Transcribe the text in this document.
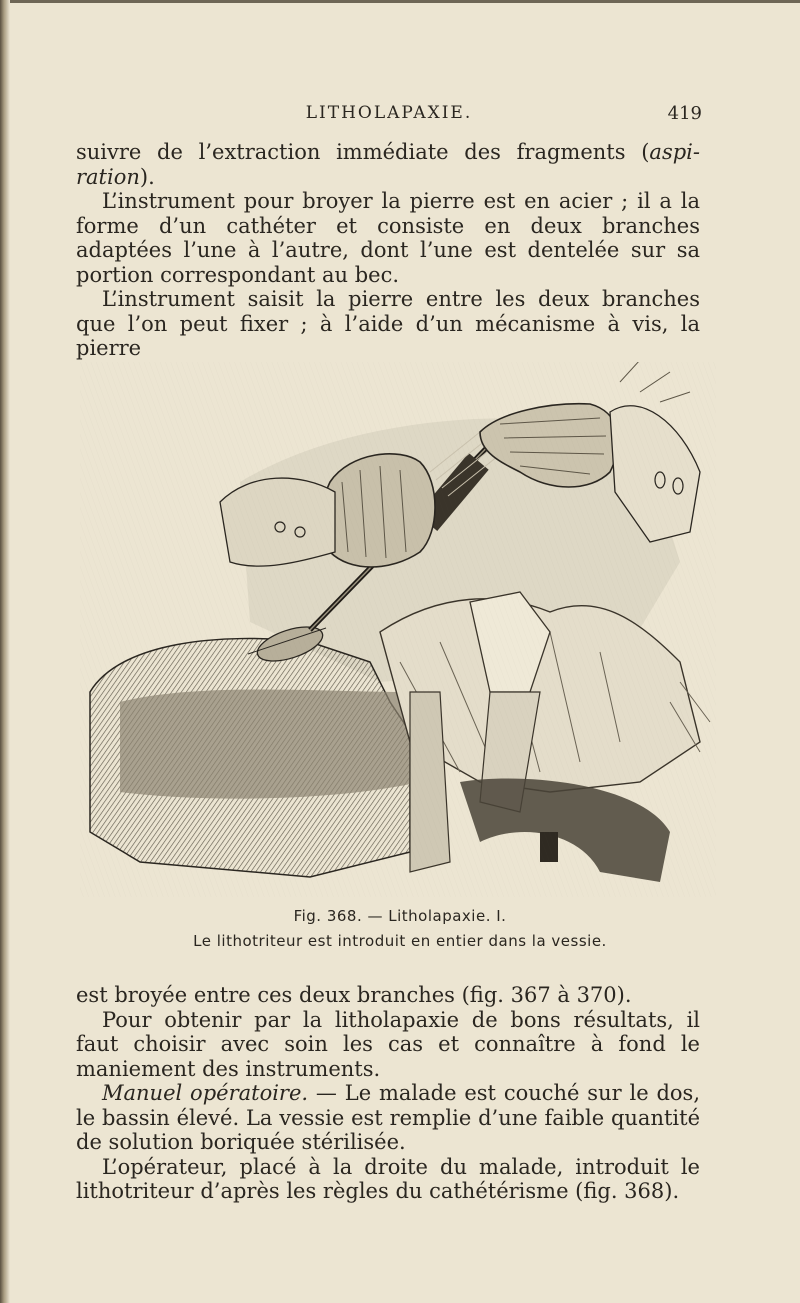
LITHOLAPAXIE.	419

suivre de l’extraction immédiate des fragments (aspiration).

L’instrument pour broyer la pierre est en acier ; il a la forme d’un cathéter et consiste en deux branches adaptées l’une à l’autre, dont l’une est dentelée sur sa portion correspondant au bec.

L’instrument saisit la pierre entre les deux branches que l’on peut fixer ; à l’aide d’un mécanisme à vis, la pierre

Fig. 368. — Litholapaxie. I.
Le lithotriteur est introduit en entier dans la vessie.

est broyée entre ces deux branches (fig. 367 à 370).

Pour obtenir par la litholapaxie de bons résultats, il faut choisir avec soin les cas et connaître à fond le maniement des instruments.

Manuel opératoire. — Le malade est couché sur le dos, le bassin élevé. La vessie est remplie d’une faible quantité de solution boriquée stérilisée.

L’opérateur, placé à la droite du malade, introduit le lithotriteur d’après les règles du cathétérisme (fig. 368).
